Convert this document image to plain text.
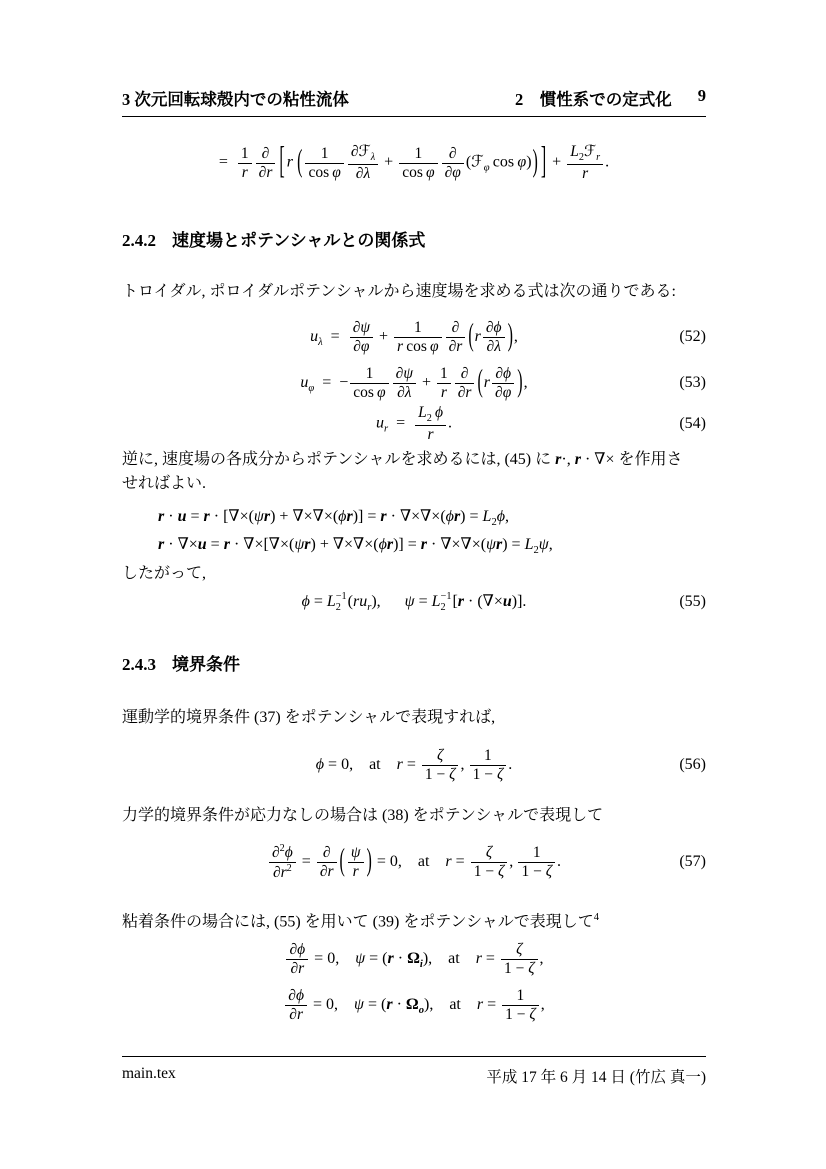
3 次元回転球殻内での粘性流体	2　慣性系での定式化 9
=  $\frac{1}{r} \frac{\partial}{\partial r}$ [ r  ( $\frac{1}{\text{cos φ}} \frac{\partial ℱ_\lambda}{\partial\lambda} + \frac{1}{\text{cos φ}} \frac{\partial}{\partial\varphi}$ (ℱ$_\varphi$ cos φ)) ] + $\frac{L_2ℱ_r}{r}$ .
2.4.2 速度場とポテンシャルとの関係式

トロイダル, ポロイダルポテンシャルから速度場を求める式は次の通りである:

$u_\lambda$ =  $\frac{\partial\psi}{\partial\varphi} + \frac{1}{\text{r cos φ}} \frac{\partial}{\partial r} (r \frac{\partial\phi}{\partial\lambda}$ ),	(52)
$u_\varphi$ = − $\frac{1}{\text{cos φ}} \frac{\partial\psi}{\partial\lambda} + \frac{1}{r} \frac{\partial}{\partial r} (r \frac{\partial\phi}{\partial\varphi}$ ),	(53)
$u_r$ =  $\frac{L_2 \phi}{r}$ .	(54)

逆に, 速度場の各成分からポテンシャルを求めるには, (45) に r·, r · ∇× を作用さ
せればよい.

$r \cdot u = r \cdot [\nabla\times(\psi r) + \nabla\times\nabla\times(\phi r)] = r \cdot \nabla\times\nabla\times(\phi r) = L_2\phi$,
$r \cdot \nabla\times u = r \cdot \nabla\times[\nabla\times(\psi r) + \nabla\times\nabla\times(\phi r)] = r \cdot \nabla\times\nabla\times(\psi r) = L_2\psi$,

したがって,

ϕ = L −1
2 $(ru_r)$,  ψ = L −1
2 [r · (∇×u)].	(55)
2.4.3 境界条件

運動学的境界条件 (37) をポテンシャルで表現すれば,

ϕ = 0, at $r = \frac{\zeta}{1 - \zeta}$ ,  $\frac{1}{1 - \zeta}$ .	(56)

力学的境界条件が応力なしの場合は (38) をポテンシャルで表現して

$\frac{\partial^2\phi}{\partial r^2} = \frac{\partial}{\partial r}$ ( $\frac{\psi}{r}$ ) = 0, at $r = \frac{\zeta}{1 - \zeta}$ ,  $\frac{1}{1 - \zeta}$ .	(57)

粘着条件の場合には, (55) を用いて (39) をポテンシャルで表現して$^4$

$\frac{\partial\phi}{\partial r} = 0$, $\psi = (r \cdot \Omega_i)$, at $r = \frac{\zeta}{1 - \zeta}$ ,
$\frac{\partial\phi}{\partial r} = 0$, $\psi = (r \cdot \Omega_o)$, at $r = \frac{1}{1 - \zeta}$ ,
main.tex	平成 17 年 6 月 14 日 (竹広 真一)
